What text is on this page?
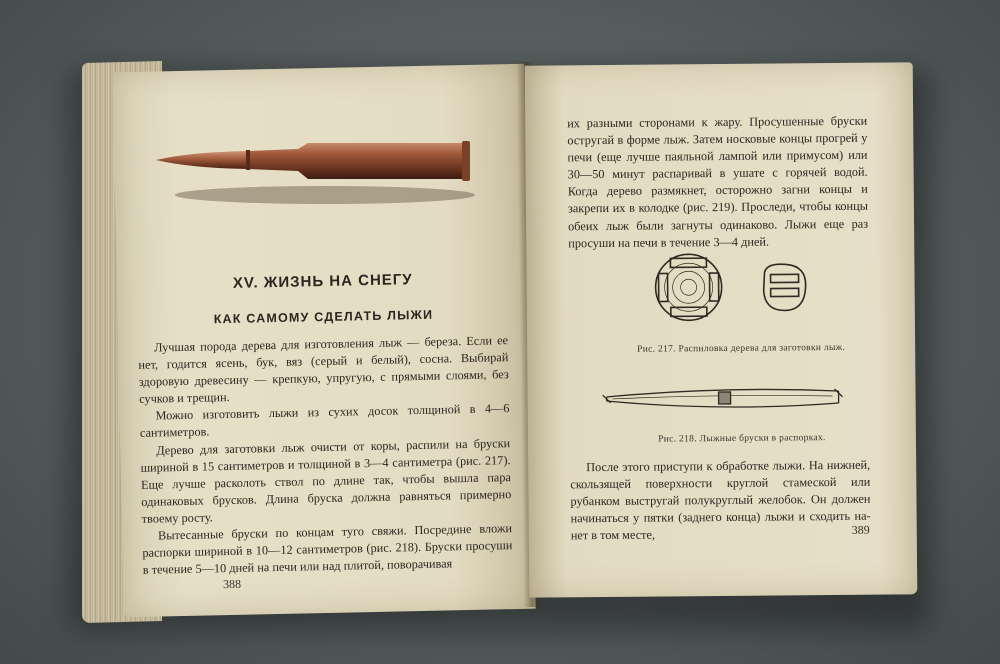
XV. ЖИЗНЬ НА СНЕГУ
КАК САМОМУ СДЕЛАТЬ ЛЫЖИ

Лучшая порода дерева для изготовления лыж — береза. Если ее нет, годится ясень, бук, вяз (серый и белый), сосна. Выбирай здоровую древесину — крепкую, упругую, с прямыми слоями, без сучков и трещин.

Можно изготовить лыжи из сухих досок толщиной в 4—6 сантиметров.

Дерево для заготовки лыж очисти от коры, распили на бруски шириной в 15 сантиметров и толщиной в 3—4 сантиметра (рис. 217). Еще лучше расколоть ствол по длине так, чтобы вышла пара одинаковых брусков. Длина бруска должна равняться примерно твоему росту.

Вытесанные бруски по концам туго свяжи. Посредине вложи распорки шириной в 10—12 сантиметров (рис. 218). Бруски просуши в течение 5—10 дней на печи или над плитой, поворачивая

388

их разными сторонами к жару. Просушенные бруски остругай в форме лыж. Затем носковые концы прогрей у печи (еще лучше паяльной лампой или примусом) или 30—50 минут распаривай в ушате с горячей водой. Когда дерево размякнет, осторожно загни концы и закрепи их в колодке (рис. 219). Проследи, чтобы концы обеих лыж были загнуты одинаково. Лыжи еще раз просуши на печи в течение 3—4 дней.

Рис. 217. Распиловка дерева для заготовки лыж.
Рис. 218. Лыжные бруски в распорках.

После этого приступи к обработке лыжи. На нижней, скользящей поверхности круглой стамеской или рубанком выстругай полукруглый желобок. Он должен начинаться у пятки (заднего конца) лыжи и сходить на-нет в том месте,	389
